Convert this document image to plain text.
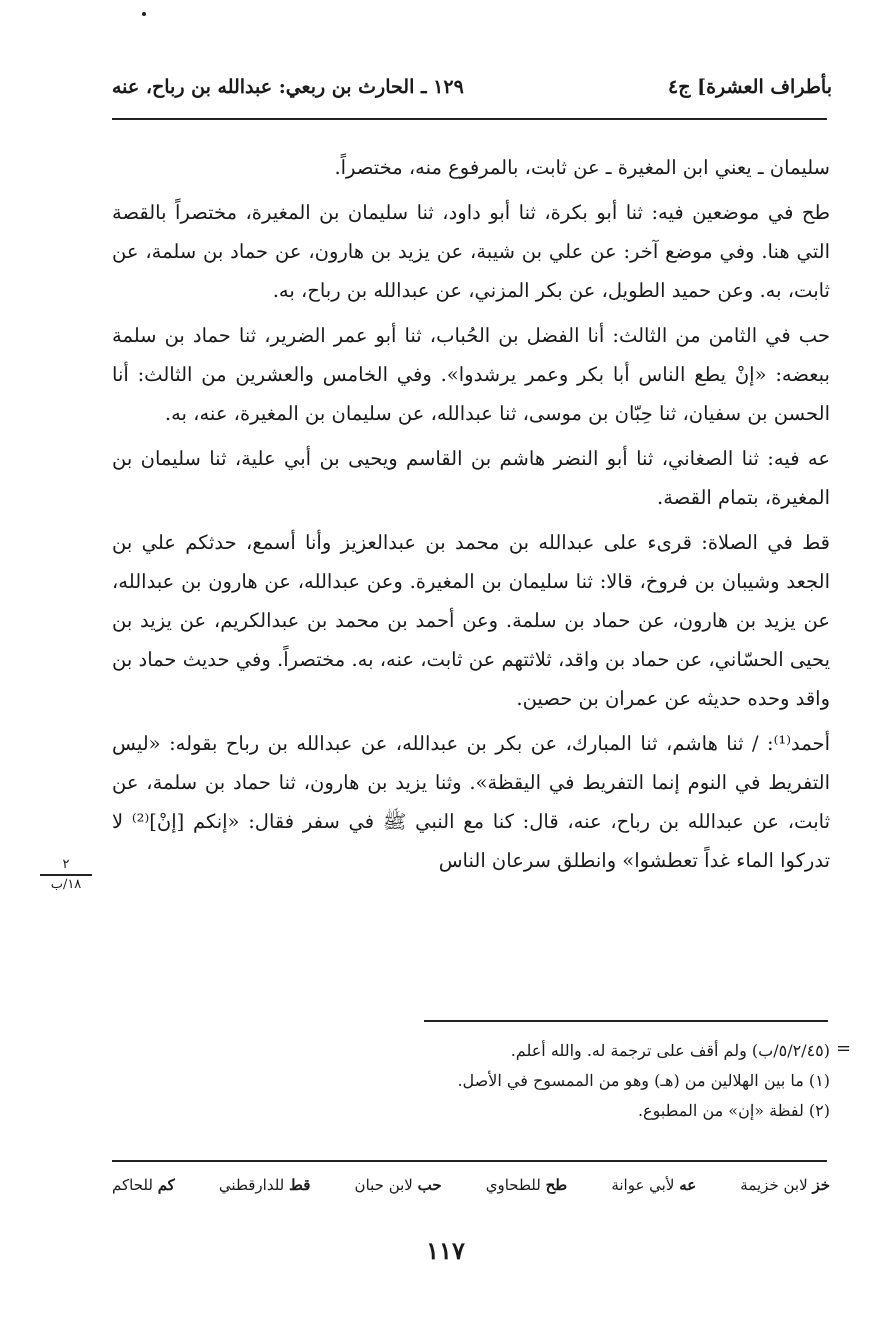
بأطراف العشرة] ج٤
١٢٩ ـ الحارث بن ربعي: عبدالله بن رباح، عنه

سليمان ـ يعني ابن المغيرة ـ عن ثابت، بالمرفوع منه، مختصراً.

طح في موضعين فيه: ثنا أبو بكرة، ثنا أبو داود، ثنا سليمان بن المغيرة، مختصراً بالقصة التي هنا. وفي موضع آخر: عن علي بن شيبة، عن يزيد بن هارون، عن حماد بن سلمة، عن ثابت، به. وعن حميد الطويل، عن بكر المزني، عن عبدالله بن رباح، به.

حب في الثامن من الثالث: أنا الفضل بن الحُباب، ثنا أبو عمر الضرير، ثنا حماد بن سلمة ببعضه: «إنْ يطع الناس أبا بكر وعمر يرشدوا». وفي الخامس والعشرين من الثالث: أنا الحسن بن سفيان، ثنا حِبّان بن موسى، ثنا عبدالله، عن سليمان بن المغيرة، عنه، به.

عه فيه: ثنا الصغاني، ثنا أبو النضر هاشم بن القاسم ويحيى بن أبي علية، ثنا سليمان بن المغيرة، بتمام القصة.

قط في الصلاة: قرىء على عبدالله بن محمد بن عبدالعزيز وأنا أسمع، حدثكم علي بن الجعد وشيبان بن فروخ، قالا: ثنا سليمان بن المغيرة. وعن عبدالله، عن هارون بن عبدالله، عن يزيد بن هارون، عن حماد بن سلمة. وعن أحمد بن محمد بن عبدالكريم، عن يزيد بن يحيى الحسّاني، عن حماد بن واقد، ثلاثتهم عن ثابت، عنه، به. مختصراً. وفي حديث حماد بن واقد وحده حديثه عن عمران بن حصين.

أحمد⁽¹⁾: / ثنا هاشم، ثنا المبارك، عن بكر بن عبدالله، عن عبدالله بن رباح بقوله: «ليس التفريط في النوم إنما التفريط في اليقظة». وثنا يزيد بن هارون، ثنا حماد بن سلمة، عن ثابت، عن عبدالله بن رباح، عنه، قال: كنا مع النبي ﷺ في سفر فقال: «إنكم [إنْ]⁽²⁾ لا تدركوا الماء غداً تعطشوا» وانطلق سرعان الناس

٢
١٨/ب
=
(٥/٢/٤٥/ب) ولم أقف على ترجمة له. والله أعلم.
(١) ما بين الهلالين من (هـ) وهو من الممسوح في الأصل.
(٢) لفظة «إن» من المطبوع.
خز لابن خزيمة
عه لأبي عوانة
طح للطحاوي
حب لابن حبان
قط للدارقطني
كم للحاكم
١١٧
